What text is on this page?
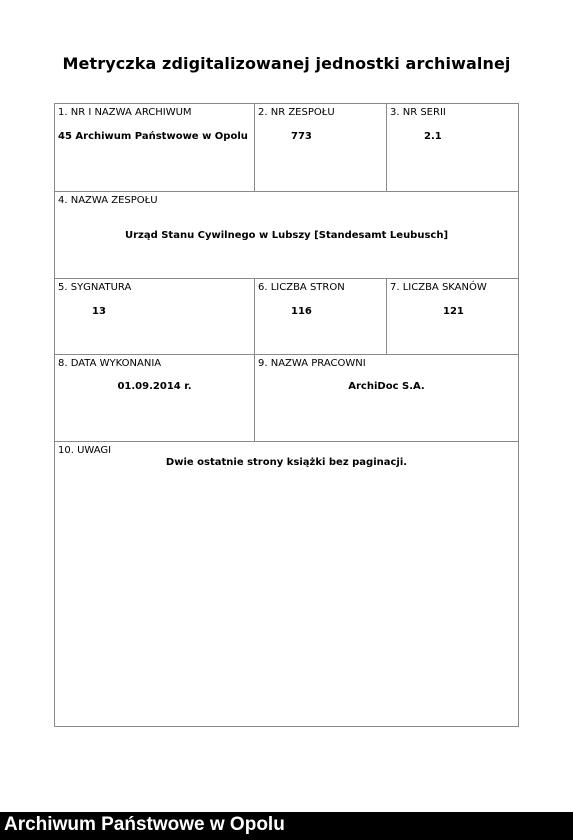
Metryczka zdigitalizowanej jednostki archiwalnej
1. NR I NAZWA ARCHIWUM
45 Archiwum Państwowe w Opolu
2. NR ZESPOŁU
773
3. NR SERII
2.1
4. NAZWA ZESPOŁU
Urząd Stanu Cywilnego w Lubszy [Standesamt Leubusch]
5. SYGNATURA
13
6. LICZBA STRON
116
7. LICZBA SKANÓW
121
8. DATA WYKONANIA
01.09.2014 r.
9. NAZWA PRACOWNI
ArchiDoc S.A.
10. UWAGI
Dwie ostatnie strony książki bez paginacji.
Archiwum Państwowe w Opolu
